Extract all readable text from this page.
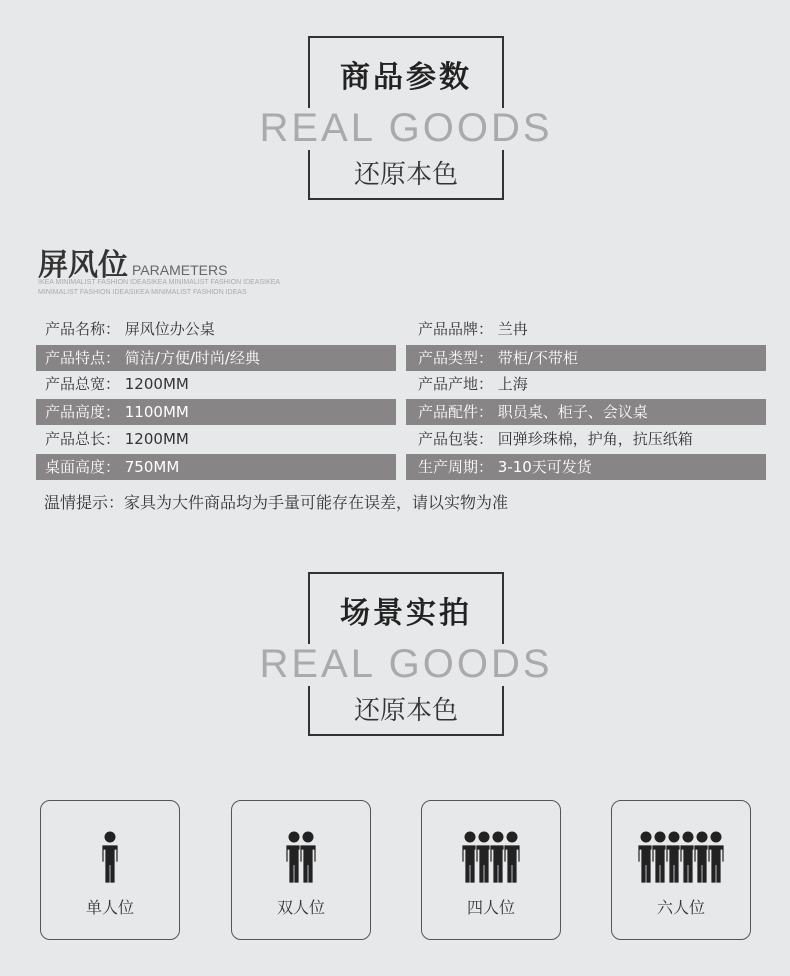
商品参数
REAL GOODS
还原本色
屏风位 PARAMETERS
IKEA MINIMALIST FASHION IDEASIKEA MINIMALIST FASHION IDEASIKEA
MINIMALIST FASHION IDEASIKEA MINIMALIST FASHION IDEAS
产品名称： 屏风位办公桌	产品品牌： 兰冉
产品特点： 简洁/方便/时尚/经典	产品类型： 带柜/不带柜
产品总宽： 1200MM	产品产地： 上海
产品高度： 1100MM	产品配件： 职员桌、柜子、会议桌
产品总长： 1200MM	产品包装： 回弹珍珠棉，护角，抗压纸箱
桌面高度： 750MM	生产周期： 3-10天可发货
温情提示：家具为大件商品均为手量可能存在误差，请以实物为准
场景实拍
REAL GOODS
还原本色
单人位	双人位	四人位	六人位
